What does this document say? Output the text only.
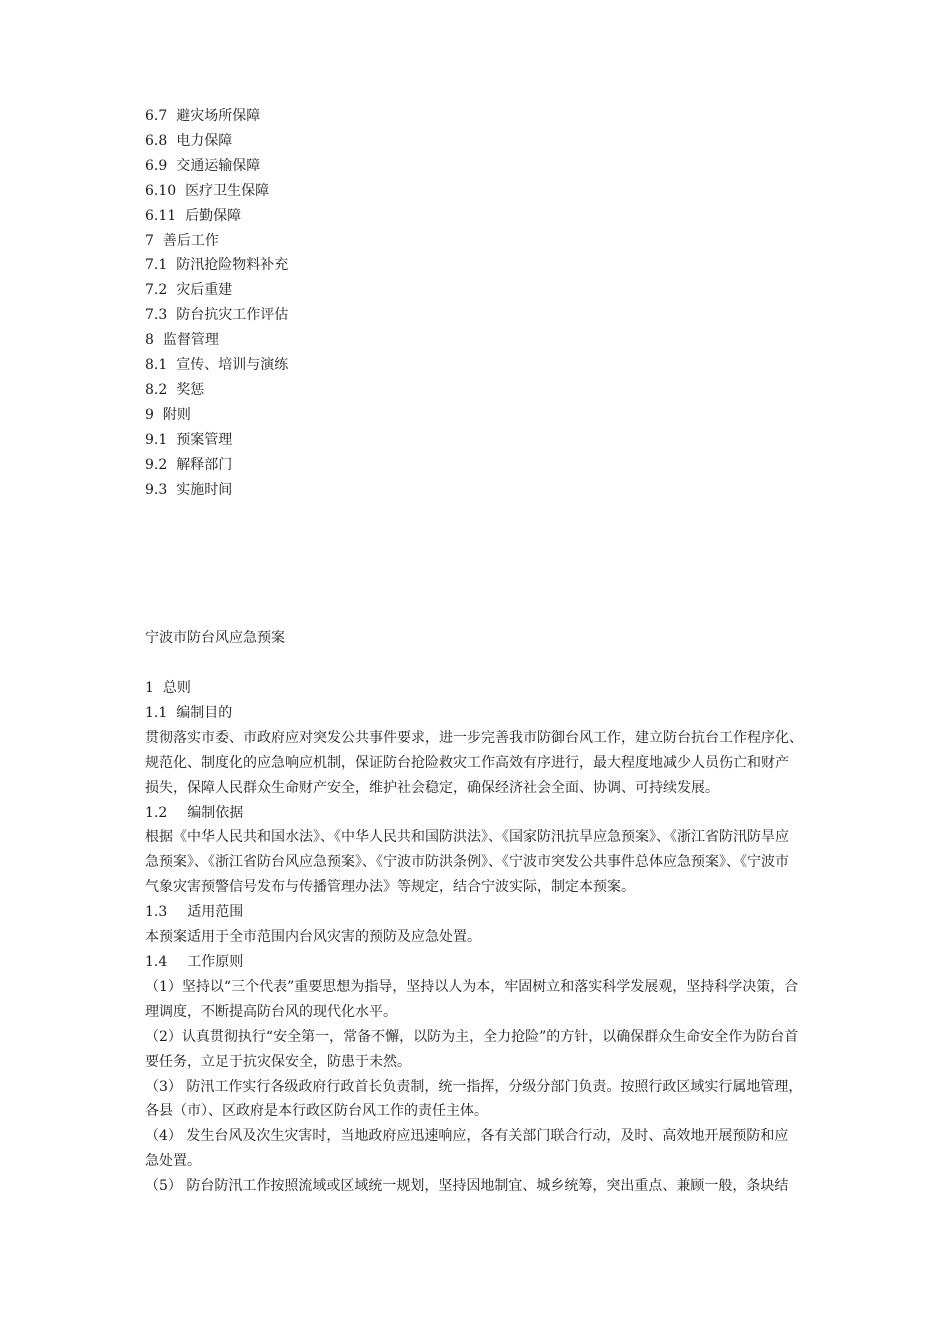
6.7 避灾场所保障
6.8 电力保障
6.9 交通运输保障
6.10 医疗卫生保障
6.11 后勤保障
7 善后工作
7.1 防汛抢险物料补充
7.2 灾后重建
7.3 防台抗灾工作评估
8 监督管理
8.1 宣传、培训与演练
8.2 奖惩
9 附则
9.1 预案管理
9.2 解释部门
9.3 实施时间
宁波市防台风应急预案
1 总则
1.1 编制目的
贯彻落实市委、市政府应对突发公共事件要求，进一步完善我市防御台风工作，建立防台抗台工作程序化、
规范化、制度化的应急响应机制，保证防台抢险救灾工作高效有序进行，最大程度地减少人员伤亡和财产
损失，保障人民群众生命财产安全，维护社会稳定，确保经济社会全面、协调、可持续发展。
1.2 编制依据
根据《中华人民共和国水法》、《中华人民共和国防洪法》、《国家防汛抗旱应急预案》、《浙江省防汛防旱应
急预案》、《浙江省防台风应急预案》、《宁波市防洪条例》、《宁波市突发公共事件总体应急预案》、《宁波市
气象灾害预警信号发布与传播管理办法》等规定，结合宁波实际，制定本预案。
1.3 适用范围
本预案适用于全市范围内台风灾害的预防及应急处置。
1.4 工作原则
（1）坚持以“三个代表”重要思想为指导，坚持以人为本，牢固树立和落实科学发展观，坚持科学决策，合
理调度，不断提高防台风的现代化水平。
（2）认真贯彻执行“安全第一，常备不懈，以防为主，全力抢险”的方针，以确保群众生命安全作为防台首
要任务，立足于抗灾保安全，防患于未然。
（3） 防汛工作实行各级政府行政首长负责制，统一指挥，分级分部门负责。按照行政区域实行属地管理，
各县（市）、区政府是本行政区防台风工作的责任主体。
（4） 发生台风及次生灾害时，当地政府应迅速响应，各有关部门联合行动，及时、高效地开展预防和应
急处置。
（5） 防台防汛工作按照流域或区域统一规划，坚持因地制宜、城乡统筹，突出重点、兼顾一般，条块结
